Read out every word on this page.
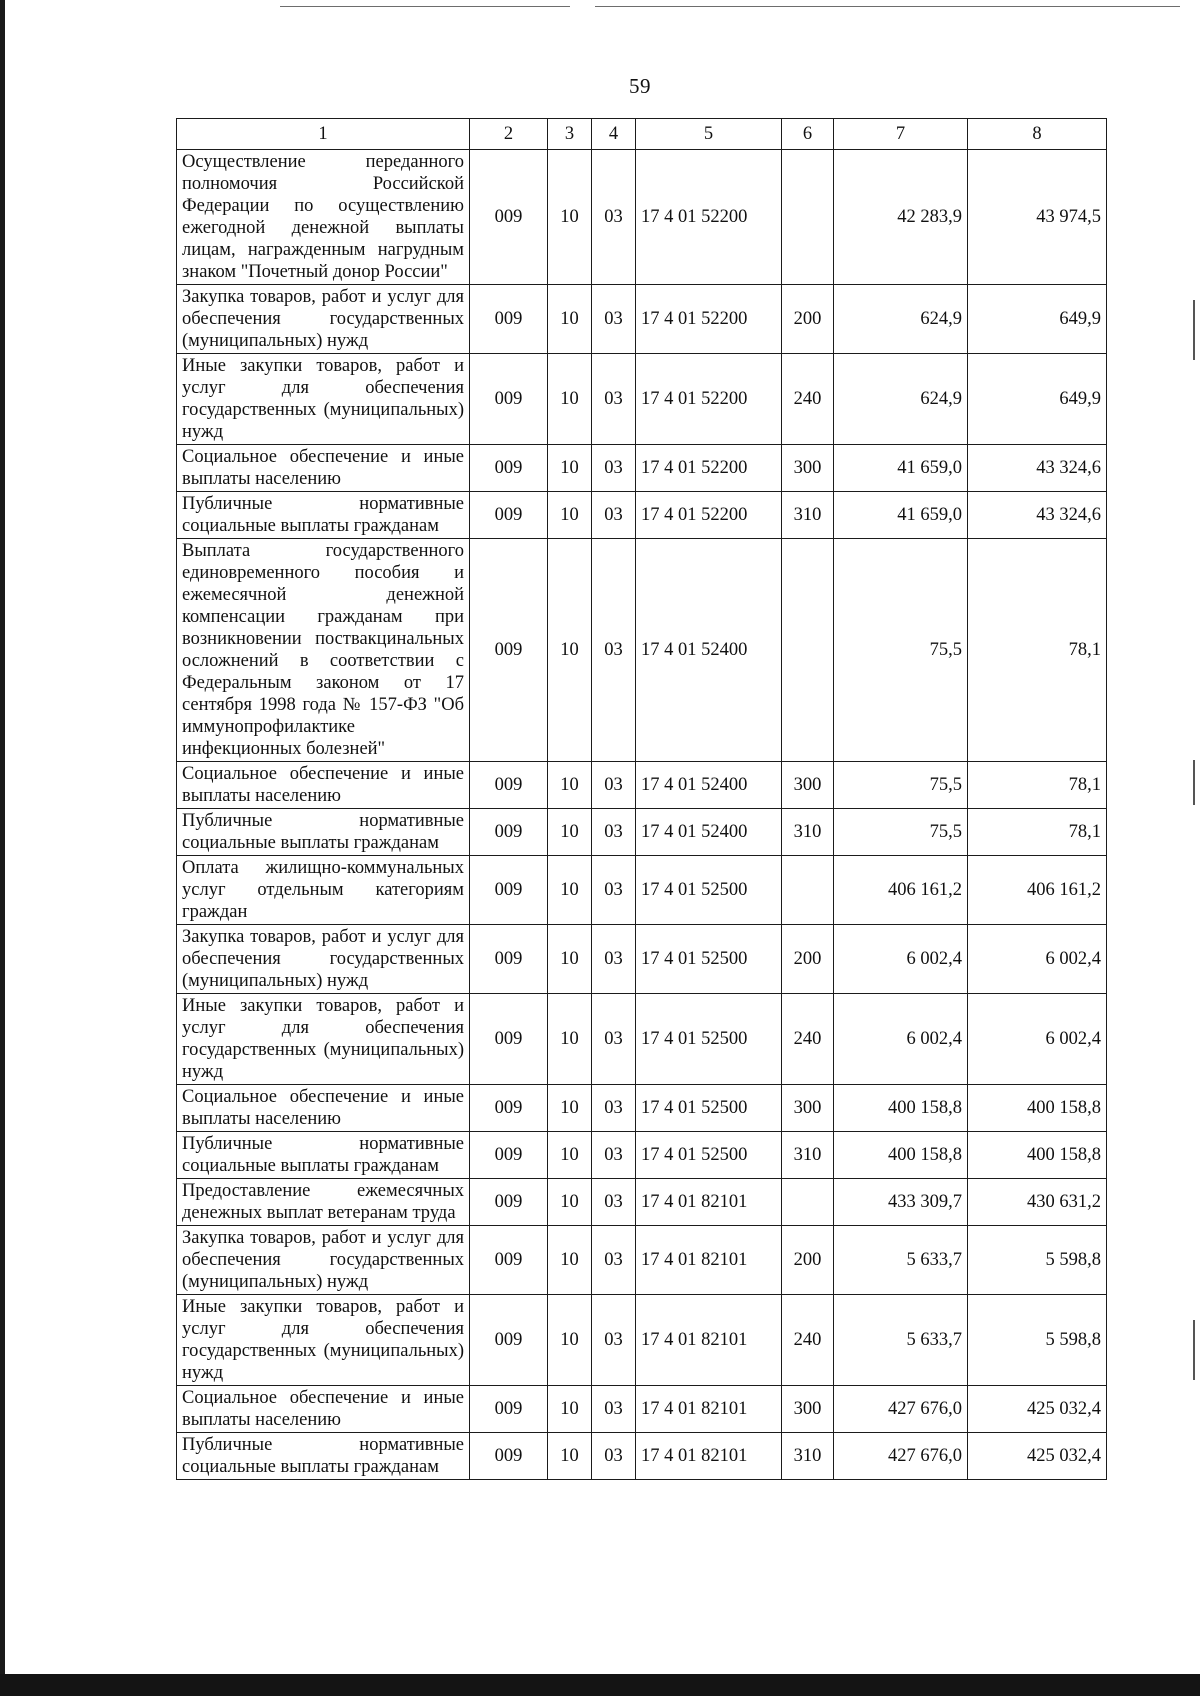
59
1	2	3	4	5	6	7	8
Осуществление переданного полномочия Российской Федерации по осуществлению ежегодной денежной выплаты лицам, награжденным нагрудным знаком "Почетный донор России"	009	10	03	17 4 01 52200		42 283,9	43 974,5
Закупка товаров, работ и услуг для обеспечения государственных (муниципальных) нужд	009	10	03	17 4 01 52200	200	624,9	649,9
Иные закупки товаров, работ и услуг для обеспечения государственных (муниципальных) нужд	009	10	03	17 4 01 52200	240	624,9	649,9
Социальное обеспечение и иные выплаты населению	009	10	03	17 4 01 52200	300	41 659,0	43 324,6
Публичные нормативные социальные выплаты гражданам	009	10	03	17 4 01 52200	310	41 659,0	43 324,6
Выплата государственного единовременного пособия и ежемесячной денежной компенсации гражданам при возникновении поствакцинальных осложнений в соответствии с Федеральным законом от 17 сентября 1998 года № 157-ФЗ "Об иммунопрофилактике инфекционных болезней"	009	10	03	17 4 01 52400		75,5	78,1
Социальное обеспечение и иные выплаты населению	009	10	03	17 4 01 52400	300	75,5	78,1
Публичные нормативные социальные выплаты гражданам	009	10	03	17 4 01 52400	310	75,5	78,1
Оплата жилищно-коммунальных услуг отдельным категориям граждан	009	10	03	17 4 01 52500		406 161,2	406 161,2
Закупка товаров, работ и услуг для обеспечения государственных (муниципальных) нужд	009	10	03	17 4 01 52500	200	6 002,4	6 002,4
Иные закупки товаров, работ и услуг для обеспечения государственных (муниципальных) нужд	009	10	03	17 4 01 52500	240	6 002,4	6 002,4
Социальное обеспечение и иные выплаты населению	009	10	03	17 4 01 52500	300	400 158,8	400 158,8
Публичные нормативные социальные выплаты гражданам	009	10	03	17 4 01 52500	310	400 158,8	400 158,8
Предоставление ежемесячных денежных выплат ветеранам труда	009	10	03	17 4 01 82101		433 309,7	430 631,2
Закупка товаров, работ и услуг для обеспечения государственных (муниципальных) нужд	009	10	03	17 4 01 82101	200	5 633,7	5 598,8
Иные закупки товаров, работ и услуг для обеспечения государственных (муниципальных) нужд	009	10	03	17 4 01 82101	240	5 633,7	5 598,8
Социальное обеспечение и иные выплаты населению	009	10	03	17 4 01 82101	300	427 676,0	425 032,4
Публичные нормативные социальные выплаты гражданам	009	10	03	17 4 01 82101	310	427 676,0	425 032,4
